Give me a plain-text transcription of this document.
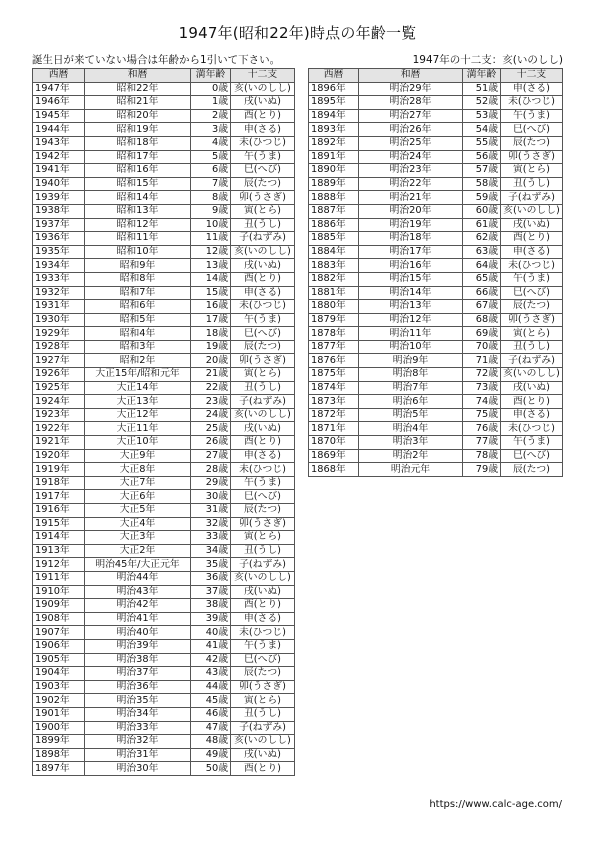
1947年(昭和22年)時点の年齢一覧
誕生日が来ていない場合は年齢から1引いて下さい。	1947年の十二支：亥(いのしし)
西暦	和暦	満年齢	十二支
1947年	昭和22年	0歳	亥(いのしし)
1946年	昭和21年	1歳	戌(いぬ)
1945年	昭和20年	2歳	酉(とり)
1944年	昭和19年	3歳	申(さる)
1943年	昭和18年	4歳	未(ひつじ)
1942年	昭和17年	5歳	午(うま)
1941年	昭和16年	6歳	巳(へび)
1940年	昭和15年	7歳	辰(たつ)
1939年	昭和14年	8歳	卯(うさぎ)
1938年	昭和13年	9歳	寅(とら)
1937年	昭和12年	10歳	丑(うし)
1936年	昭和11年	11歳	子(ねずみ)
1935年	昭和10年	12歳	亥(いのしし)
1934年	昭和9年	13歳	戌(いぬ)
1933年	昭和8年	14歳	酉(とり)
1932年	昭和7年	15歳	申(さる)
1931年	昭和6年	16歳	未(ひつじ)
1930年	昭和5年	17歳	午(うま)
1929年	昭和4年	18歳	巳(へび)
1928年	昭和3年	19歳	辰(たつ)
1927年	昭和2年	20歳	卯(うさぎ)
1926年	大正15年/昭和元年	21歳	寅(とら)
1925年	大正14年	22歳	丑(うし)
1924年	大正13年	23歳	子(ねずみ)
1923年	大正12年	24歳	亥(いのしし)
1922年	大正11年	25歳	戌(いぬ)
1921年	大正10年	26歳	酉(とり)
1920年	大正9年	27歳	申(さる)
1919年	大正8年	28歳	未(ひつじ)
1918年	大正7年	29歳	午(うま)
1917年	大正6年	30歳	巳(へび)
1916年	大正5年	31歳	辰(たつ)
1915年	大正4年	32歳	卯(うさぎ)
1914年	大正3年	33歳	寅(とら)
1913年	大正2年	34歳	丑(うし)
1912年	明治45年/大正元年	35歳	子(ねずみ)
1911年	明治44年	36歳	亥(いのしし)
1910年	明治43年	37歳	戌(いぬ)
1909年	明治42年	38歳	酉(とり)
1908年	明治41年	39歳	申(さる)
1907年	明治40年	40歳	未(ひつじ)
1906年	明治39年	41歳	午(うま)
1905年	明治38年	42歳	巳(へび)
1904年	明治37年	43歳	辰(たつ)
1903年	明治36年	44歳	卯(うさぎ)
1902年	明治35年	45歳	寅(とら)
1901年	明治34年	46歳	丑(うし)
1900年	明治33年	47歳	子(ねずみ)
1899年	明治32年	48歳	亥(いのしし)
1898年	明治31年	49歳	戌(いぬ)
1897年	明治30年	50歳	酉(とり)
西暦	和暦	満年齢	十二支
1896年	明治29年	51歳	申(さる)
1895年	明治28年	52歳	未(ひつじ)
1894年	明治27年	53歳	午(うま)
1893年	明治26年	54歳	巳(へび)
1892年	明治25年	55歳	辰(たつ)
1891年	明治24年	56歳	卯(うさぎ)
1890年	明治23年	57歳	寅(とら)
1889年	明治22年	58歳	丑(うし)
1888年	明治21年	59歳	子(ねずみ)
1887年	明治20年	60歳	亥(いのしし)
1886年	明治19年	61歳	戌(いぬ)
1885年	明治18年	62歳	酉(とり)
1884年	明治17年	63歳	申(さる)
1883年	明治16年	64歳	未(ひつじ)
1882年	明治15年	65歳	午(うま)
1881年	明治14年	66歳	巳(へび)
1880年	明治13年	67歳	辰(たつ)
1879年	明治12年	68歳	卯(うさぎ)
1878年	明治11年	69歳	寅(とら)
1877年	明治10年	70歳	丑(うし)
1876年	明治9年	71歳	子(ねずみ)
1875年	明治8年	72歳	亥(いのしし)
1874年	明治7年	73歳	戌(いぬ)
1873年	明治6年	74歳	酉(とり)
1872年	明治5年	75歳	申(さる)
1871年	明治4年	76歳	未(ひつじ)
1870年	明治3年	77歳	午(うま)
1869年	明治2年	78歳	巳(へび)
1868年	明治元年	79歳	辰(たつ)
https://www.calc-age.com/
